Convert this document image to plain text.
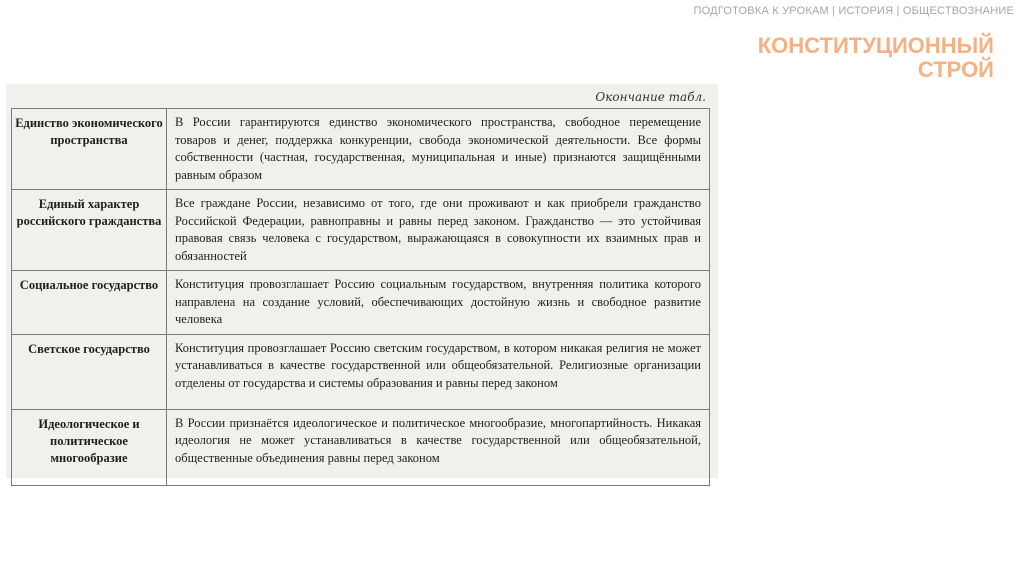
ПОДГОТОВКА К УРОКАМ | ИСТОРИЯ | ОБЩЕСТВОЗНАНИЕ
КОНСТИТУЦИОННЫЙ
СТРОЙ
Окончание табл.
Единство экономического пространства	В России гарантируются единство экономического пространства, свободное перемещение товаров и денег, поддержка конкуренции, свобода экономической деятельности. Все формы собственности (частная, государственная, муниципальная и иные) признаются защищёнными равным образом
Единый характер российского гражданства	Все граждане России, независимо от того, где они проживают и как приобрели гражданство Российской Федерации, равноправны и равны перед законом. Гражданство — это устойчивая правовая связь человека с государством, выражающаяся в совокупности их взаимных прав и обязанностей
Социальное государство	Конституция провозглашает Россию социальным государством, внутренняя политика которого направлена на создание условий, обеспечивающих достойную жизнь и свободное развитие человека
Светское государство	Конституция провозглашает Россию светским государством, в котором никакая религия не может устанавливаться в качестве государственной или общеобязательной. Религиозные организации отделены от государства и системы образования и равны перед законом
Идеологическое и политическое многообразие	В России признаётся идеологическое и политическое многообразие, многопартийность. Никакая идеология не может устанавливаться в качестве государственной или общеобязательной, общественные объединения равны перед законом
